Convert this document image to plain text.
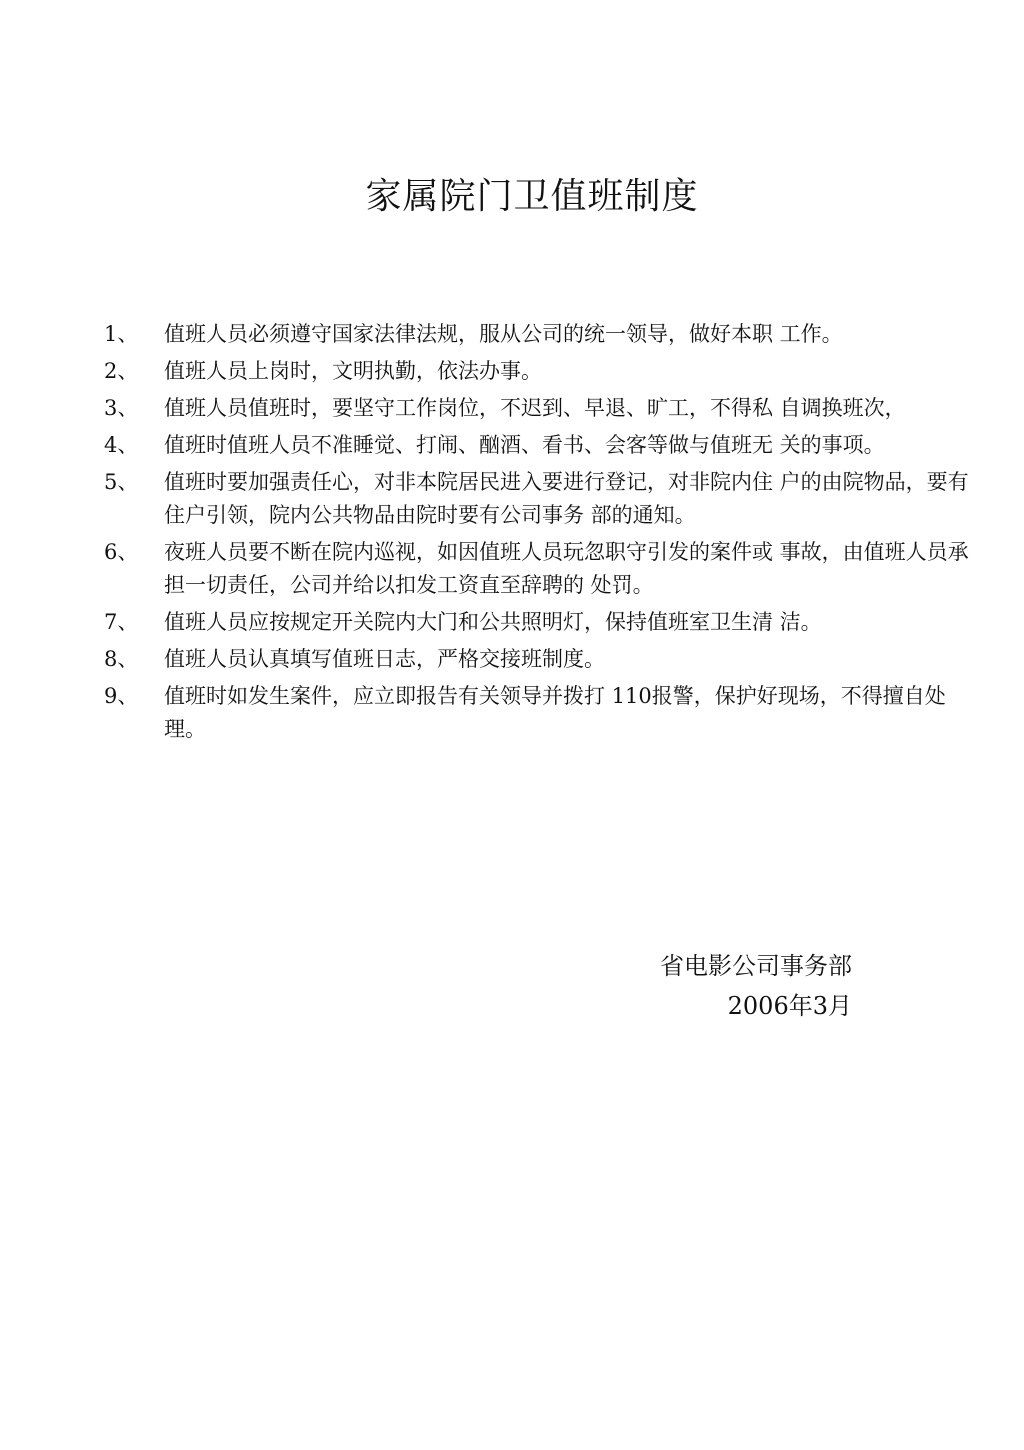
家属院门卫值班制度
1、	值班人员必须遵守国家法律法规，服从公司的统一领导，做好本职 工作。
2、	值班人员上岗时，文明执勤，依法办事。
3、	值班人员值班时，要坚守工作岗位，不迟到、早退、旷工，不得私 自调换班次，
4、	值班时值班人员不准睡觉、打闹、酗酒、看书、会客等做与值班无 关的事项。
5、	值班时要加强责任心，对非本院居民进入要进行登记，对非院内住 户的由院物品，要有住户引领，院内公共物品由院时要有公司事务 部的通知。
6、	夜班人员要不断在院内巡视，如因值班人员玩忽职守引发的案件或 事故，由值班人员承担一切责任，公司并给以扣发工资直至辞聘的 处罚。
7、	值班人员应按规定开关院内大门和公共照明灯，保持值班室卫生清 洁。
8、	值班人员认真填写值班日志，严格交接班制度。
9、	值班时如发生案件，应立即报告有关领导并拨打 110报警，保护好现场，不得擅自处理。
省电影公司事务部
2006年3月
